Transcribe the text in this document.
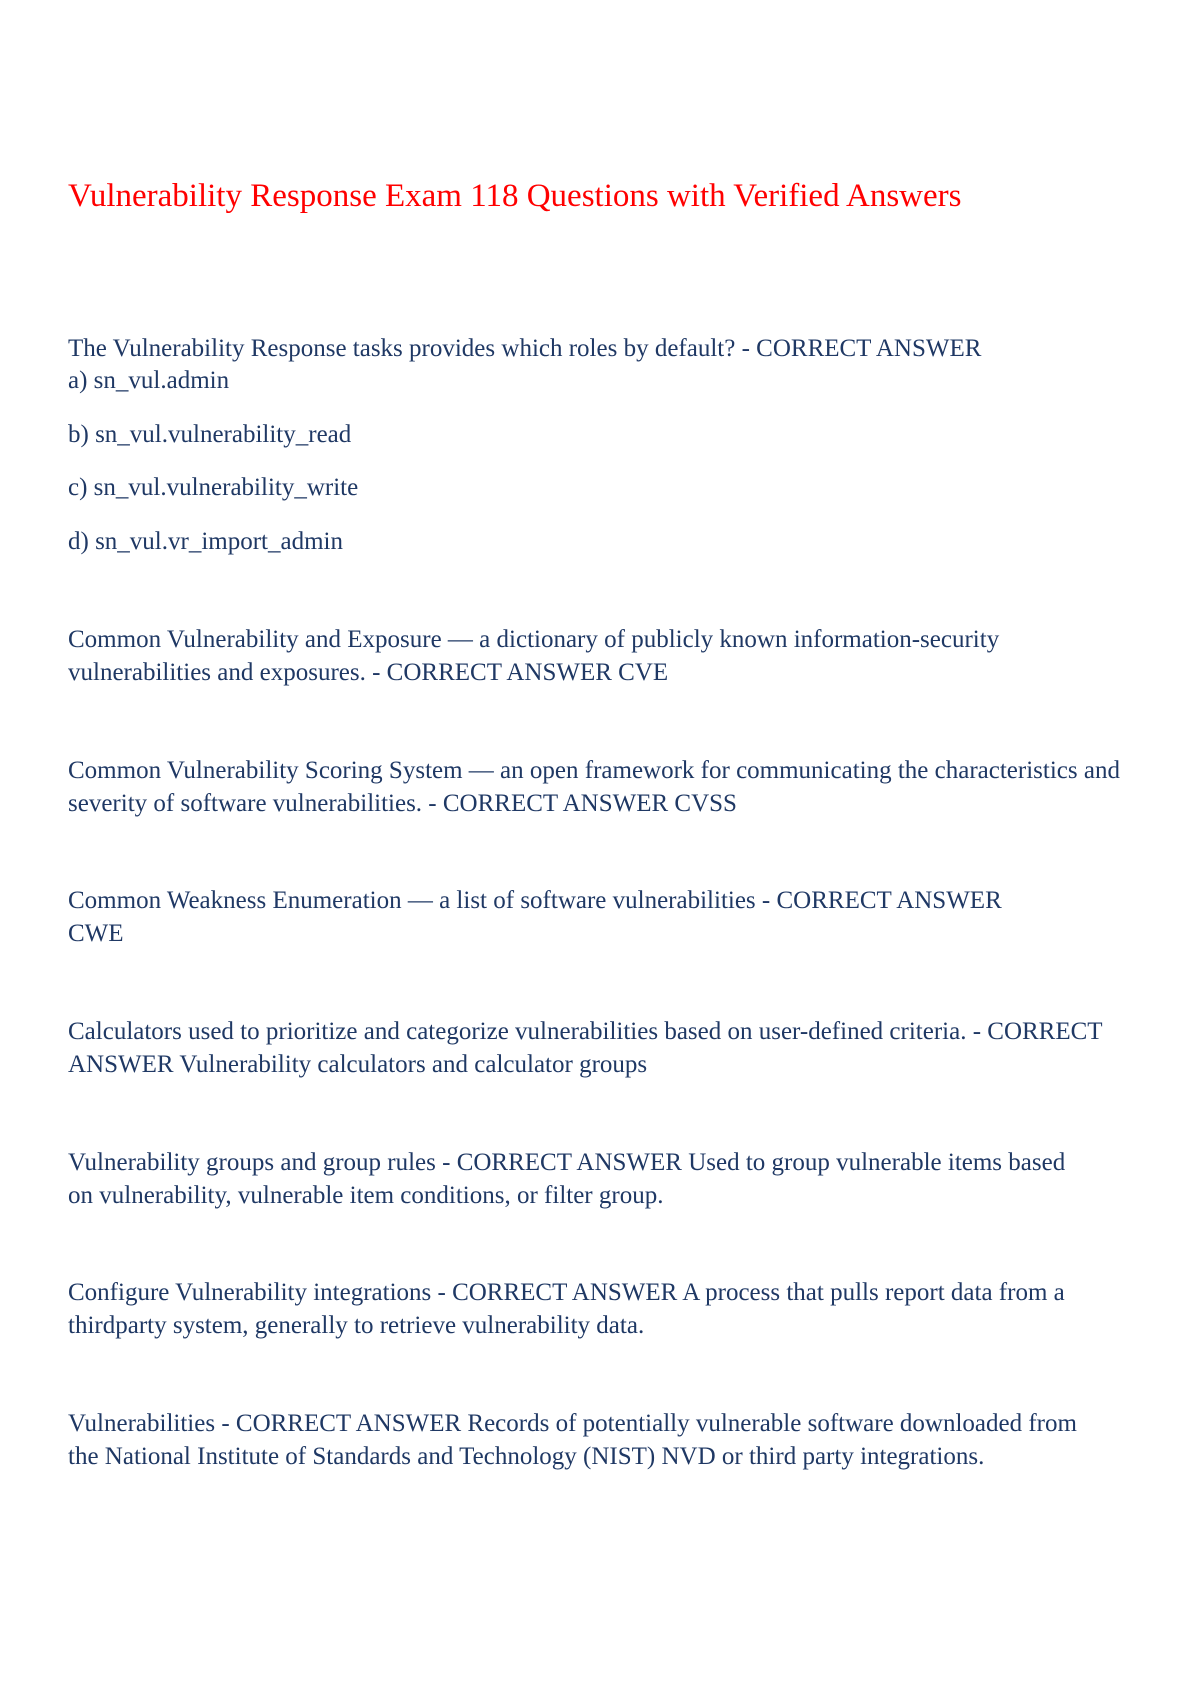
Vulnerability Response Exam 118 Questions with Verified Answers

The Vulnerability Response tasks provides which roles by default? - CORRECT ANSWER

a) sn_vul.admin

b) sn_vul.vulnerability_read

c) sn_vul.vulnerability_write

d) sn_vul.vr_import_admin

Common Vulnerability and Exposure — a dictionary of publicly known information-security vulnerabilities and exposures. - CORRECT ANSWER CVE

Common Vulnerability Scoring System — an open framework for communicating the characteristics and severity of software vulnerabilities. - CORRECT ANSWER CVSS

Common Weakness Enumeration — a list of software vulnerabilities - CORRECT ANSWER CWE

Calculators used to prioritize and categorize vulnerabilities based on user-defined criteria. - CORRECT ANSWER Vulnerability calculators and calculator groups

Vulnerability groups and group rules - CORRECT ANSWER Used to group vulnerable items based on vulnerability, vulnerable item conditions, or filter group.

Configure Vulnerability integrations - CORRECT ANSWER A process that pulls report data from a thirdparty system, generally to retrieve vulnerability data.

Vulnerabilities - CORRECT ANSWER Records of potentially vulnerable software downloaded from the National Institute of Standards and Technology (NIST) NVD or third party integrations.
